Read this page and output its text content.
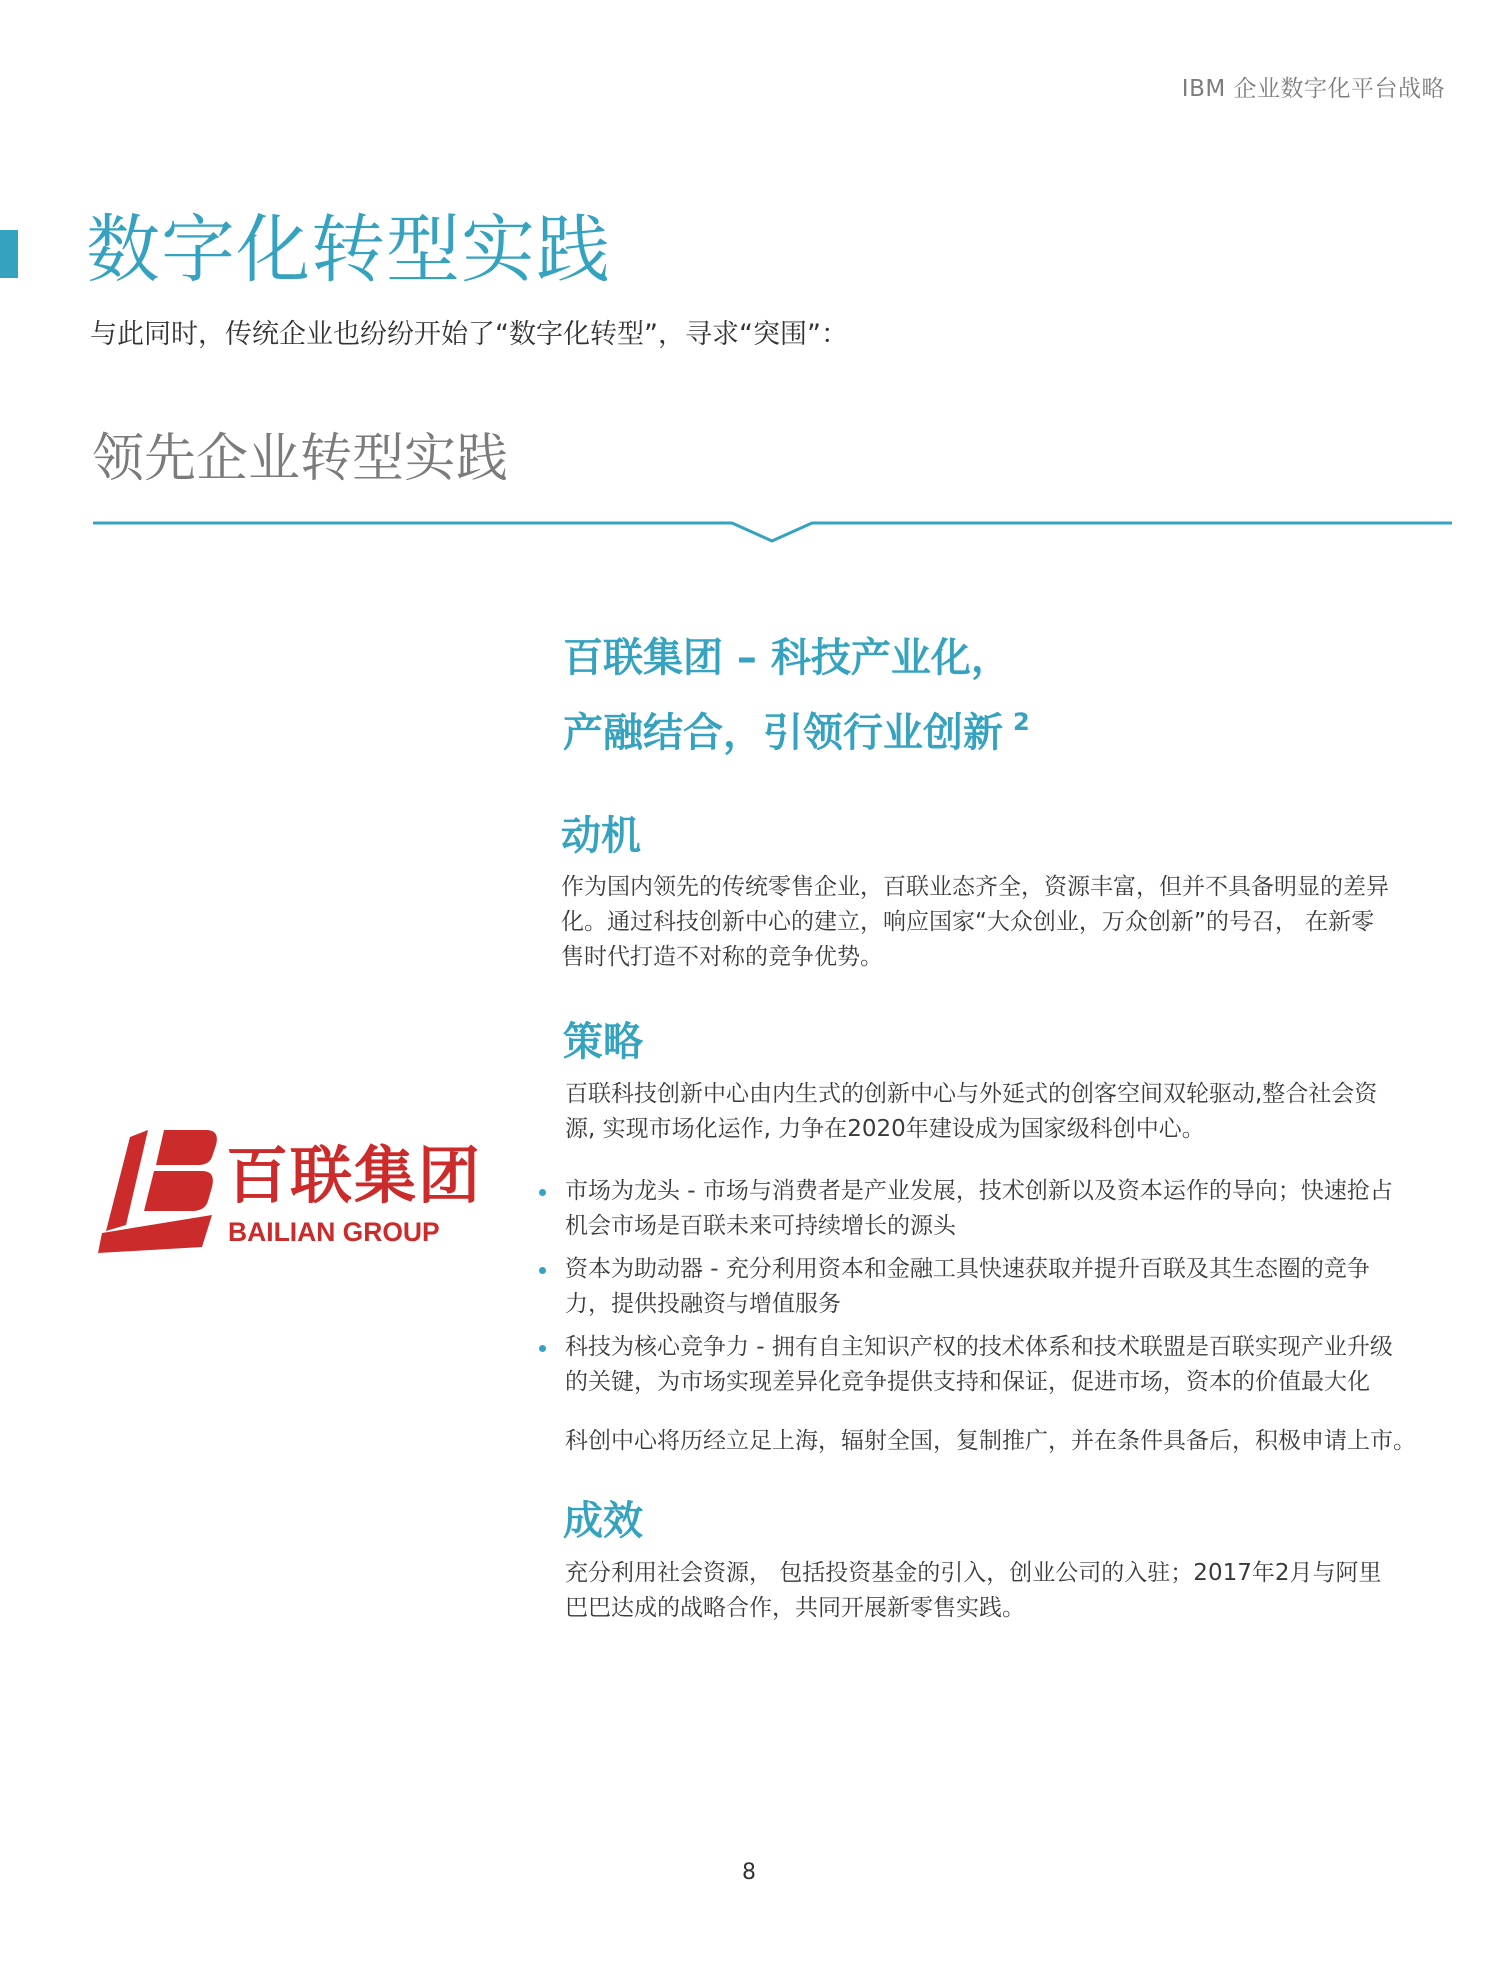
IBM 企业数字化平台战略
数字化转型实践
与此同时，传统企业也纷纷开始了“数字化转型”，寻求“突围”：
领先企业转型实践
百联集团
BAILIAN GROUP
百联集团 – 科技产业化，
产融结合，引领行业创新 $^2$
动机
作为国内领先的传统零售企业，百联业态齐全，资源丰富，但并不具备明显的差异
化。通过科技创新中心的建立，响应国家“大众创业，万众创新”的号召， 在新零
售时代打造不对称的竞争优势。
策略
百联科技创新中心由内生式的创新中心与外延式的创客空间双轮驱动,整合社会资
源, 实现市场化运作, 力争在2020年建设成为国家级科创中心。
市场为龙头 - 市场与消费者是产业发展，技术创新以及资本运作的导向；快速抢占
机会市场是百联未来可持续增长的源头
资本为助动器 - 充分利用资本和金融工具快速获取并提升百联及其生态圈的竞争
力，提供投融资与增值服务
科技为核心竞争力 - 拥有自主知识产权的技术体系和技术联盟是百联实现产业升级
的关键，为市场实现差异化竞争提供支持和保证，促进市场，资本的价值最大化
科创中心将历经立足上海，辐射全国，复制推广，并在条件具备后，积极申请上市。
成效
充分利用社会资源， 包括投资基金的引入，创业公司的入驻；2017年2月与阿里
巴巴达成的战略合作，共同开展新零售实践。
8
